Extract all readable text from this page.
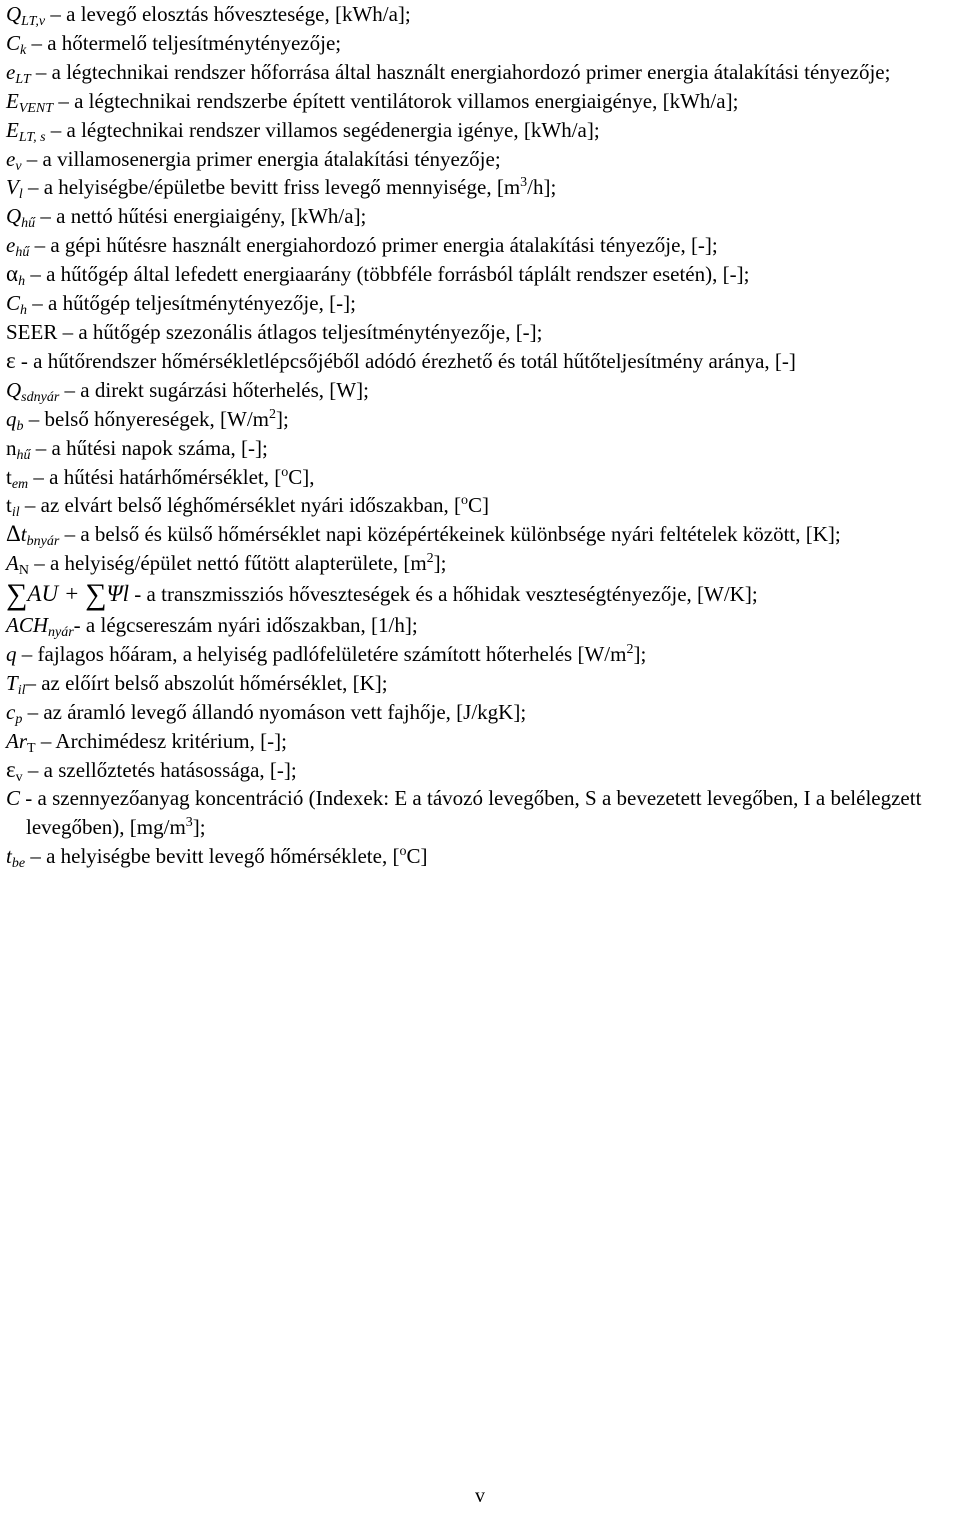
$Q_{LT,v}$ – a levegő elosztás hővesztesége, [kWh/a];
$C_k$ – a hőtermelő teljesítménytényezője;
$e_{LT}$ – a légtechnikai rendszer hőforrása által használt energiahordozó primer energia átalakítási tényezője;
$E_{VENT}$ – a légtechnikai rendszerbe épített ventilátorok villamos energiaigénye, [kWh/a];
$E_{LT, s}$ – a légtechnikai rendszer villamos segédenergia igénye, [kWh/a];
$e_v$ – a villamosenergia primer energia átalakítási tényezője;
$V_l$ – a helyiségbe/épületbe bevitt friss levegő mennyisége, $[m^3/h]$;
$Q_{hű}$ – a nettó hűtési energiaigény, [kWh/a];
$e_{hű}$ – a gépi hűtésre használt energiahordozó primer energia átalakítási tényezője, [-];
$\alpha_h$ – a hűtőgép által lefedett energiaarány (többféle forrásból táplált rendszer esetén), [-];
$C_h$ – a hűtőgép teljesítménytényezője, [-];
SEER – a hűtőgép szezonális átlagos teljesítménytényezője, [-];
ε - a hűtőrendszer hőmérsékletlépcsőjéből adódó érezhető és totál hűtőteljesítmény aránya, [-]
$Q_{sdnyár}$ – a direkt sugárzási hőterhelés, [W];
$q_b$ – belső hőnyereségek, $[W/m^2]$;
$n_{hű}$ – a hűtési napok száma, [-];
$t_{em}$ – a hűtési határhőmérséklet, [$^o$C],
$t_{il}$ – az elvárt belső léghőmérséklet nyári időszakban, [$^o$C]
$\Delta t_{bnyár}$ – a belső és külső hőmérséklet napi középértékeinek különbsége nyári feltételek között, [K];
$A_N$ – a helyiség/épület nettó fűtött alapterülete, $[m^2]$;
∑AU + ∑Ψl - a transzmissziós hőveszteségek és a hőhidak veszteségtényezője, [W/K];
$ACH_{nyár}-$ a légcsereszám nyári időszakban, [1/h];
q – fajlagos hőáram, a helyiség padlófelületére számított hőterhelés $[W/m^2]$;
$T_{il}-$ az előírt belső abszolút hőmérséklet, [K];
$c_p$ – az áramló levegő állandó nyomáson vett fajhője, [J/kgK];
$Ar_T$ – Archimédesz kritérium, [-];
$\varepsilon_v$ – a szellőztetés hatásossága, [-];
C - a szennyezőanyag koncentráció (Indexek: E a távozó levegőben, S a bevezetett levegőben, I a belélegzett levegőben), $[mg/m^3]$;
$t_{be}$ – a helyiségbe bevitt levegő hőmérséklete, [$^o$C]
v
